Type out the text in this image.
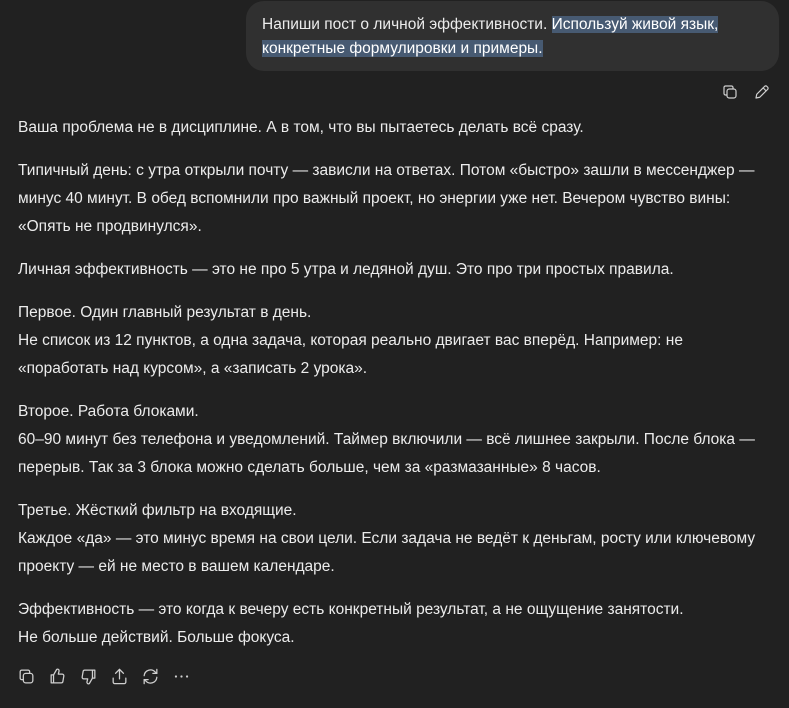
Напиши пост о личной эффективности. Используй живой язык,
конкретные формулировки и примеры.

Ваша проблема не в дисциплине. А в том, что вы пытаетесь делать всё сразу.

Типичный день: с утра открыли почту — зависли на ответах. Потом «быстро» зашли в мессенджер —
минус 40 минут. В обед вспомнили про важный проект, но энергии уже нет. Вечером чувство вины:
«Опять не продвинулся».

Личная эффективность — это не про 5 утра и ледяной душ. Это про три простых правила.

Первое. Один главный результат в день.
Не список из 12 пунктов, а одна задача, которая реально двигает вас вперёд. Например: не
«поработать над курсом», а «записать 2 урока».

Второе. Работа блоками.
60–90 минут без телефона и уведомлений. Таймер включили — всё лишнее закрыли. После блока —
перерыв. Так за 3 блока можно сделать больше, чем за «размазанные» 8 часов.

Третье. Жёсткий фильтр на входящие.
Каждое «да» — это минус время на свои цели. Если задача не ведёт к деньгам, росту или ключевому
проекту — ей не место в вашем календаре.

Эффективность — это когда к вечеру есть конкретный результат, а не ощущение занятости.
Не больше действий. Больше фокуса.
